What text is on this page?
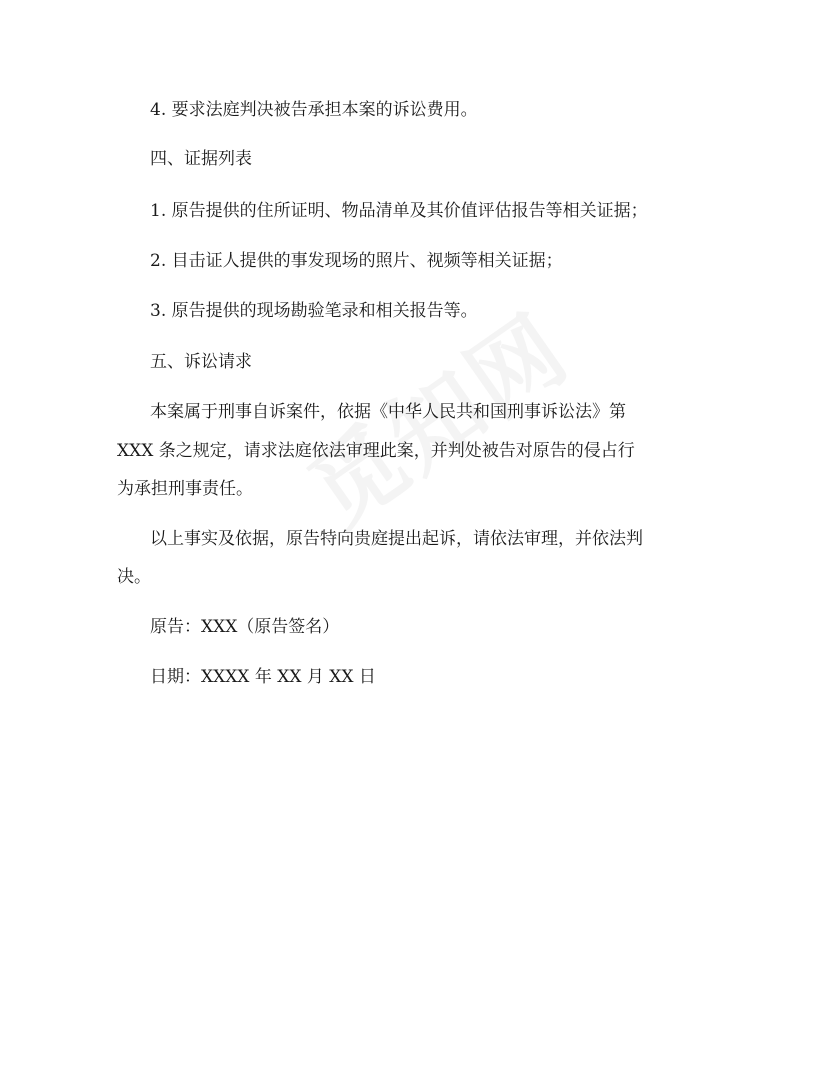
4. 要求法庭判决被告承担本案的诉讼费用。
四、证据列表
1. 原告提供的住所证明、物品清单及其价值评估报告等相关证据；
2. 目击证人提供的事发现场的照片、视频等相关证据；
3. 原告提供的现场勘验笔录和相关报告等。
五、诉讼请求
本案属于刑事自诉案件，依据《中华人民共和国刑事诉讼法》第
XXX 条之规定，请求法庭依法审理此案，并判处被告对原告的侵占行
为承担刑事责任。
以上事实及依据，原告特向贵庭提出起诉，请依法审理，并依法判
决。
原告：XXX（原告签名）
日期：XXXX 年 XX 月 XX 日
